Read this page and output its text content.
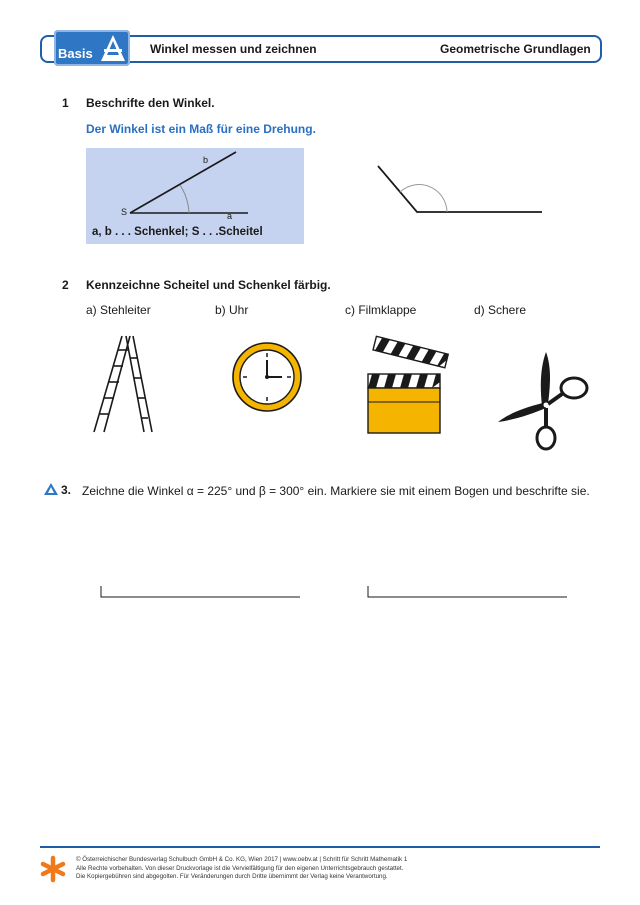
Basis	Winkel messen und zeichnen	Geometrische Grundlagen
1 Beschrifte den Winkel.
Der Winkel ist ein Maß für eine Drehung.
S	a
b
a, b . . . Schenkel; S . . .Scheitel
2 Kennzeichne Scheitel und Schenkel färbig.
a) Stehleiter	b) Uhr	c) Filmklappe	d) Schere
3. Zeichne die Winkel α = 225° und β = 300° ein. Markiere sie mit einem Bogen und beschrifte sie.
© Österreichischer Bundesverlag Schulbuch GmbH & Co. KG, Wien 2017 | www.oebv.at | Schritt für Schritt Mathematik 1
Alle Rechte vorbehalten. Von dieser Druckvorlage ist die Vervielfältigung für den eigenen Unterrichtsgebrauch gestattet.
Die Kopiergebühren sind abgegolten. Für Veränderungen durch Dritte übernimmt der Verlag keine Verantwortung.
